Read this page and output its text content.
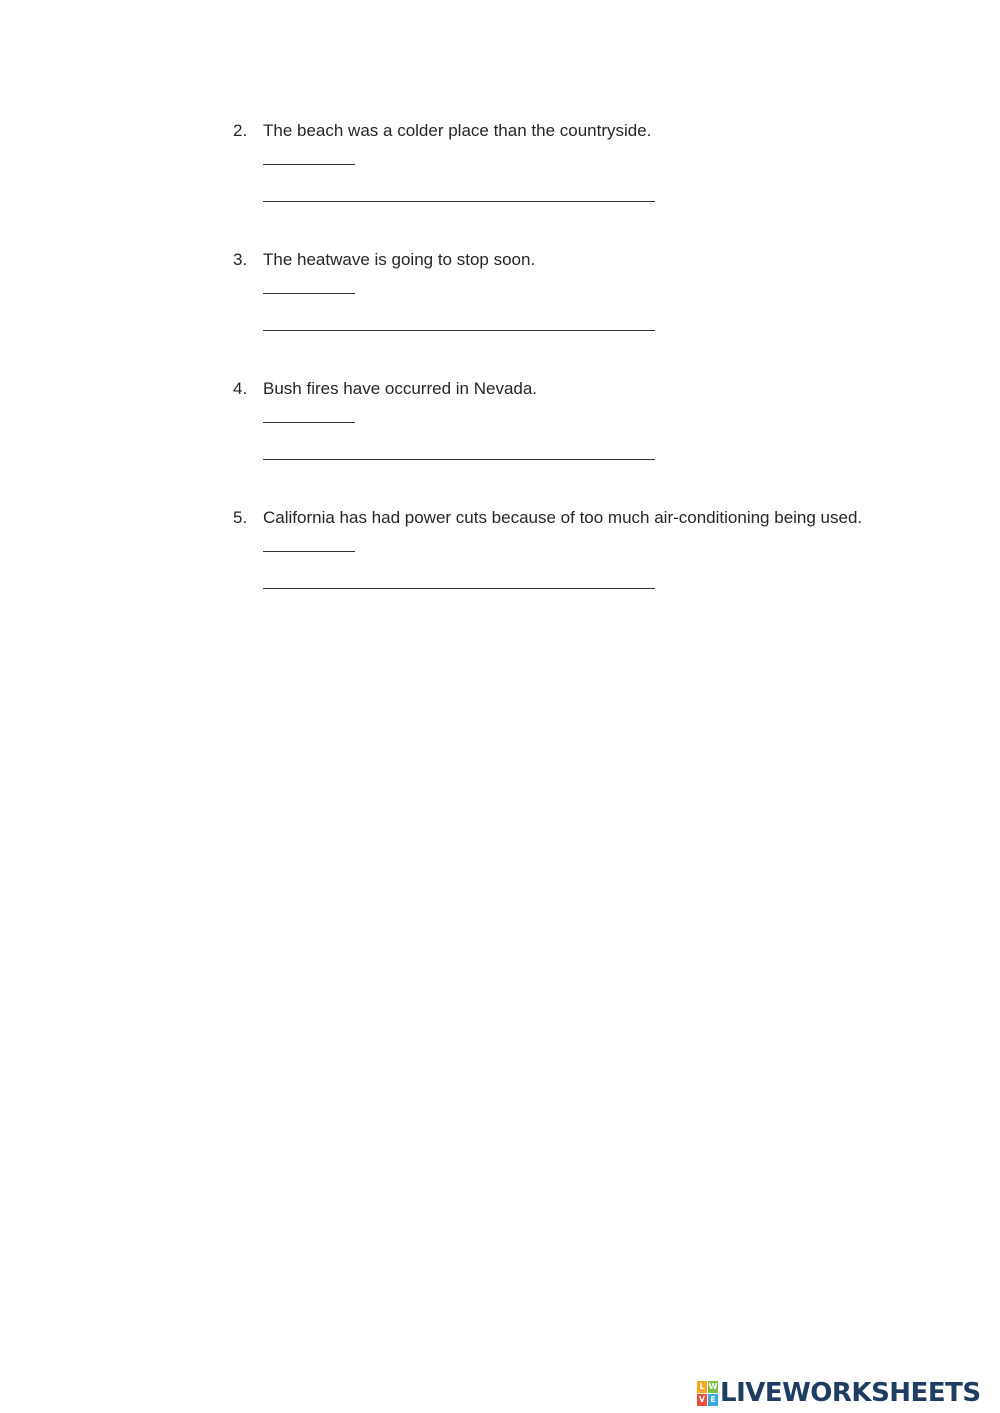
2. The beach was a colder place than the countryside.
3. The heatwave is going to stop soon.
4. Bush fires have occurred in Nevada.
5. California has had power cuts because of too much air-conditioning being used.
L W
V E LIVEWORKSHEETS
